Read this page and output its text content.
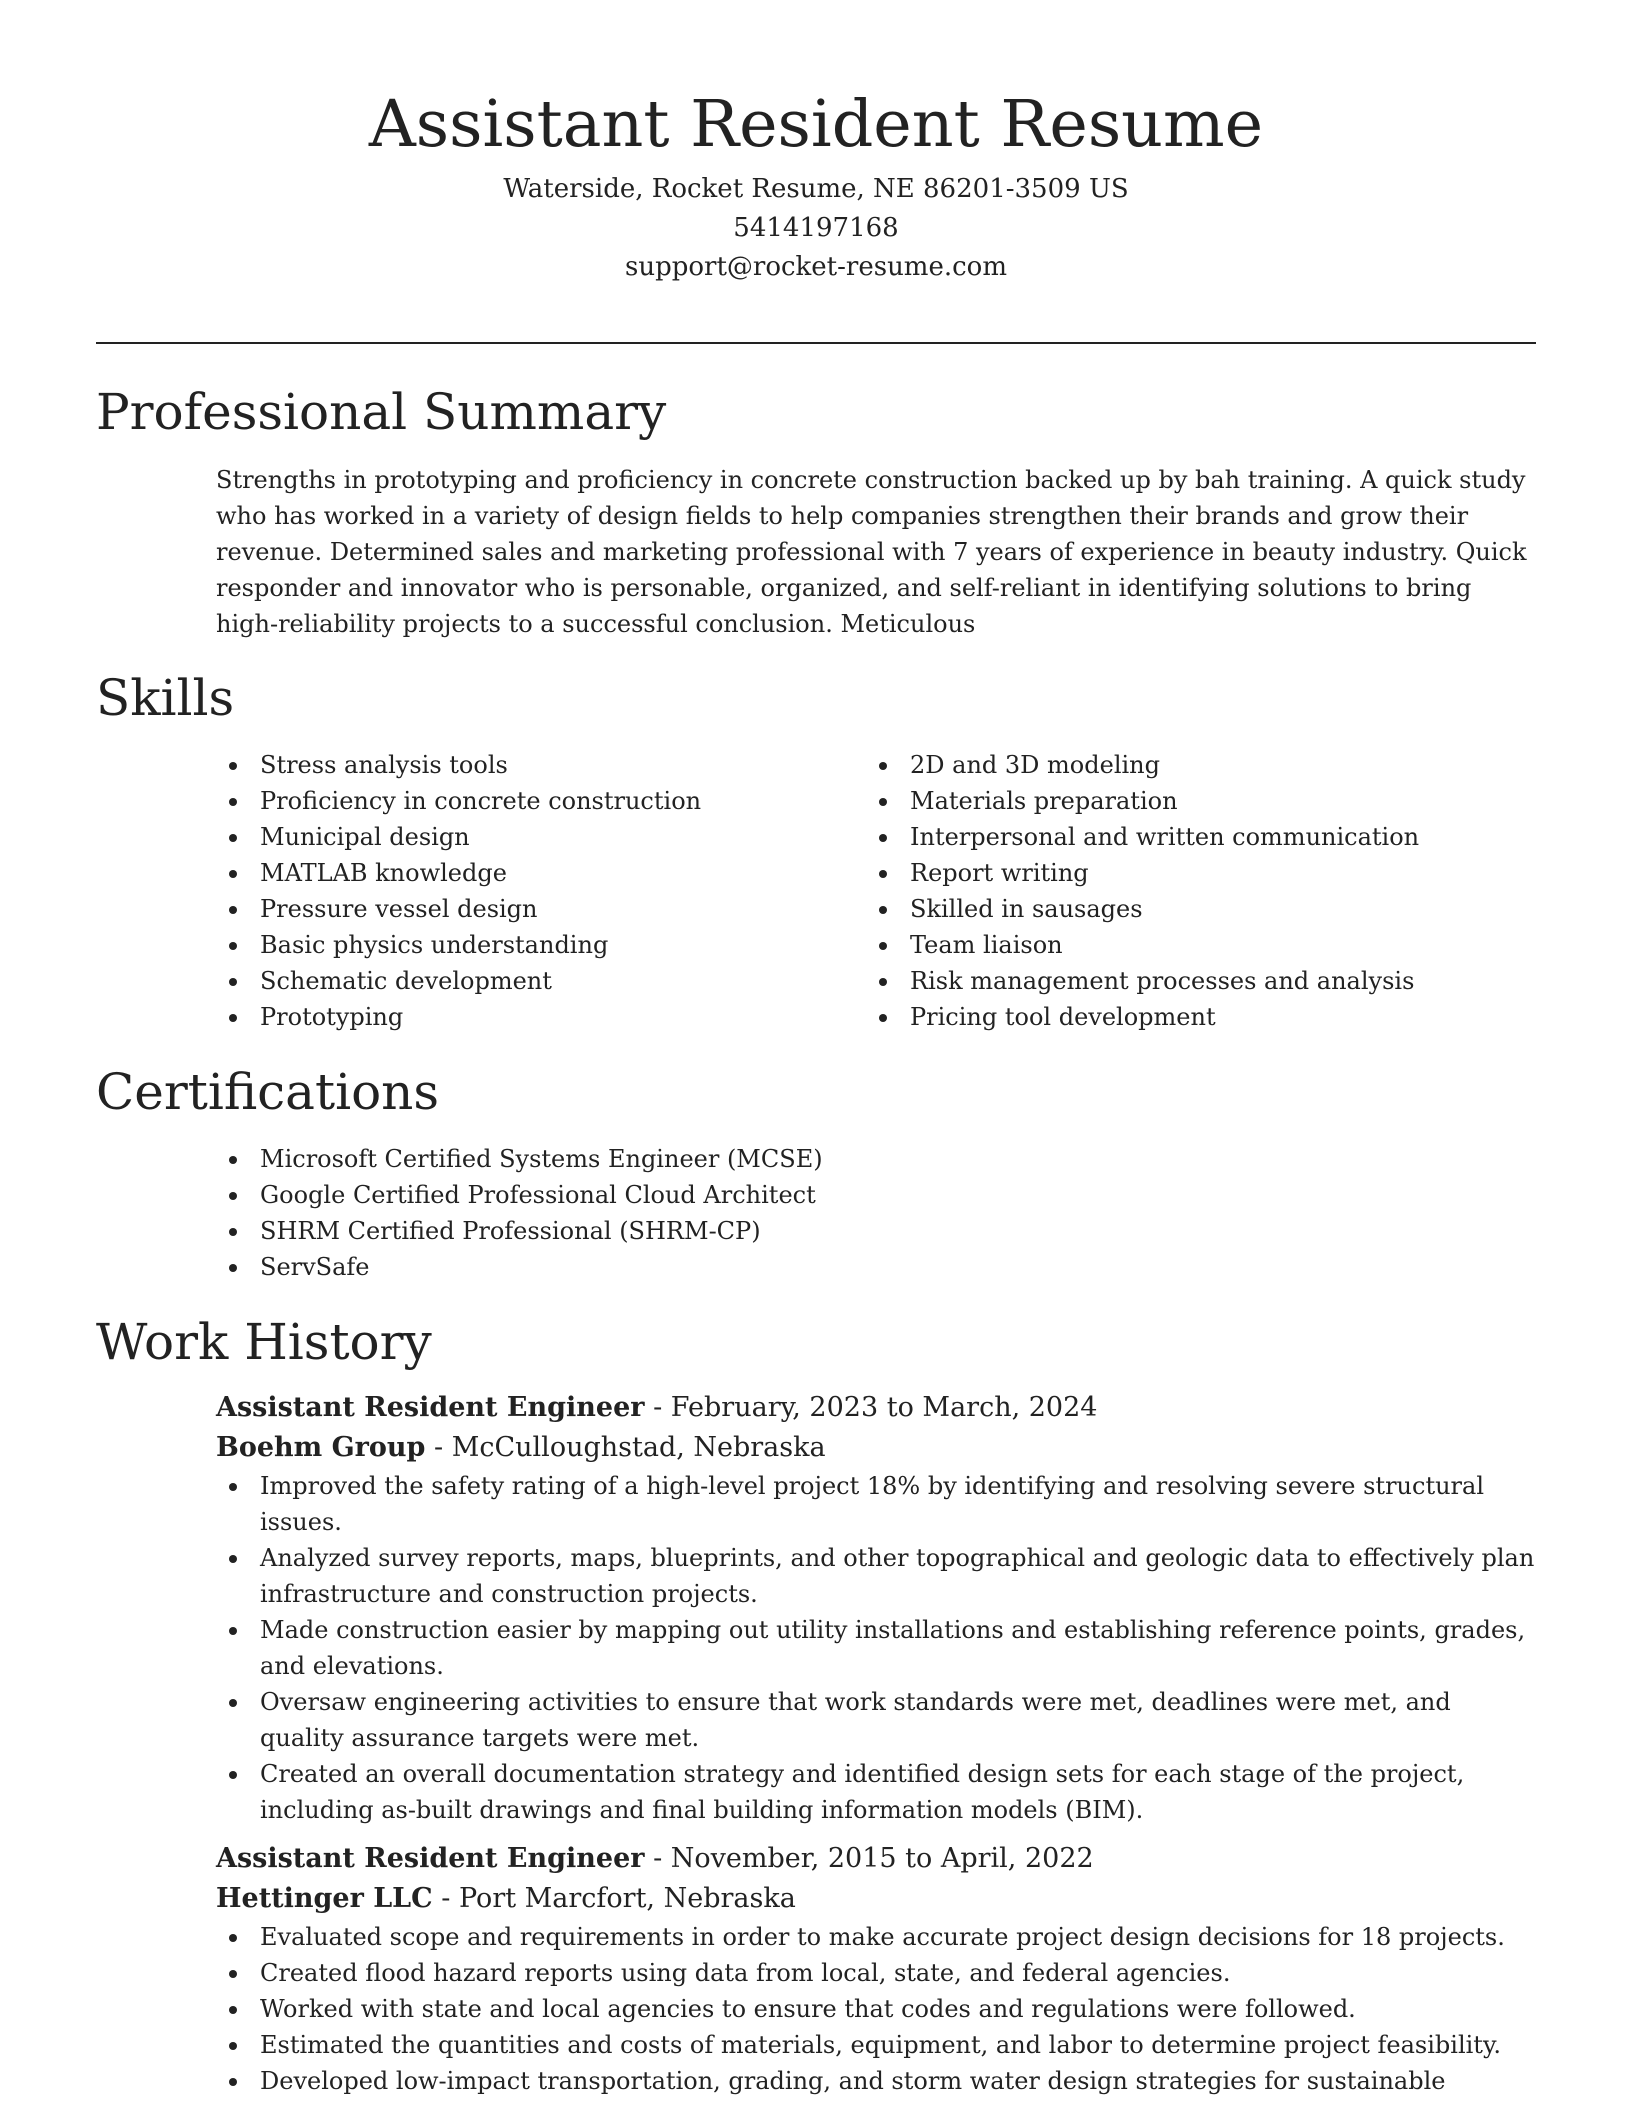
Assistant Resident Resume
Waterside, Rocket Resume, NE 86201-3509 US
5414197168
support@rocket-resume.com
Professional Summary

Strengths in prototyping and proficiency in concrete construction backed up by bah training. A quick study who has worked in a variety of design fields to help companies strengthen their brands and grow their revenue. Determined sales and marketing professional with 7 years of experience in beauty industry. Quick responder and innovator who is personable, organized, and self-reliant in identifying solutions to bring high-reliability projects to a successful conclusion. Meticulous

Skills
Stress analysis tools
Proficiency in concrete construction
Municipal design
MATLAB knowledge
Pressure vessel design
Basic physics understanding
Schematic development
Prototyping
2D and 3D modeling
Materials preparation
Interpersonal and written communication
Report writing
Skilled in sausages
Team liaison
Risk management processes and analysis
Pricing tool development
Certifications
Microsoft Certified Systems Engineer (MCSE)
Google Certified Professional Cloud Architect
SHRM Certified Professional (SHRM-CP)
ServSafe
Work History
Assistant Resident Engineer - February, 2023 to March, 2024
Boehm Group - McCulloughstad, Nebraska
Improved the safety rating of a high-level project 18% by identifying and resolving severe structural issues.
Analyzed survey reports, maps, blueprints, and other topographical and geologic data to effectively plan infrastructure and construction projects.
Made construction easier by mapping out utility installations and establishing reference points, grades, and elevations.
Oversaw engineering activities to ensure that work standards were met, deadlines were met, and quality assurance targets were met.
Created an overall documentation strategy and identified design sets for each stage of the project, including as-built drawings and final building information models (BIM).
Assistant Resident Engineer - November, 2015 to April, 2022
Hettinger LLC - Port Marcfort, Nebraska
Evaluated scope and requirements in order to make accurate project design decisions for 18 projects.
Created flood hazard reports using data from local, state, and federal agencies.
Worked with state and local agencies to ensure that codes and regulations were followed.
Estimated the quantities and costs of materials, equipment, and labor to determine project feasibility.
Developed low-impact transportation, grading, and storm water design strategies for sustainable
